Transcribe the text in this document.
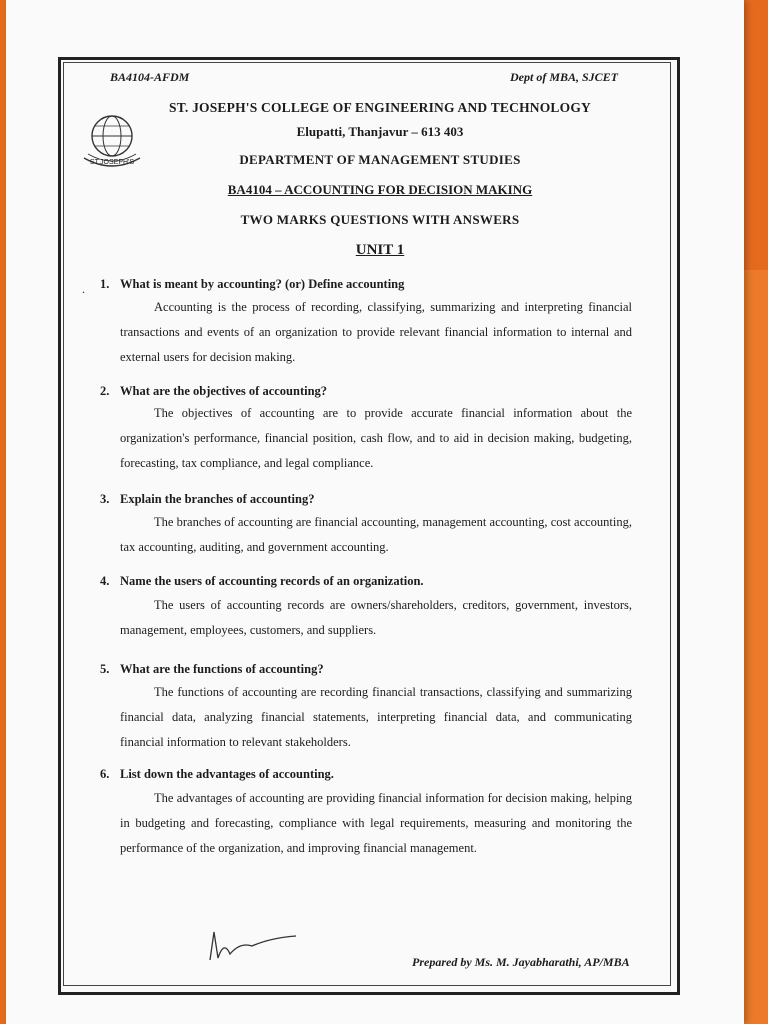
BA4104-AFDM	Dept of MBA, SJCET
ST.JOSEPH'S
ST. JOSEPH'S COLLEGE OF ENGINEERING AND TECHNOLOGY
Elupatti, Thanjavur – 613 403
DEPARTMENT OF MANAGEMENT STUDIES
BA4104 – ACCOUNTING FOR DECISION MAKING
TWO MARKS QUESTIONS WITH ANSWERS
UNIT 1
. 1. What is meant by accounting? (or) Define accounting
Accounting is the process of recording, classifying, summarizing and interpreting financial transactions and events of an organization to provide relevant financial information to internal and external users for decision making.
2. What are the objectives of accounting?
The objectives of accounting are to provide accurate financial information about the organization's performance, financial position, cash flow, and to aid in decision making, budgeting, forecasting, tax compliance, and legal compliance.
3. Explain the branches of accounting?
The branches of accounting are financial accounting, management accounting, cost accounting, tax accounting, auditing, and government accounting.
4. Name the users of accounting records of an organization.
The users of accounting records are owners/shareholders, creditors, government, investors, management, employees, customers, and suppliers.
5. What are the functions of accounting?
The functions of accounting are recording financial transactions, classifying and summarizing financial data, analyzing financial statements, interpreting financial data, and communicating financial information to relevant stakeholders.
6. List down the advantages of accounting.
The advantages of accounting are providing financial information for decision making, helping in budgeting and forecasting, compliance with legal requirements, measuring and monitoring the performance of the organization, and improving financial management.
Prepared by Ms. M. Jayabharathi, AP/MBA
